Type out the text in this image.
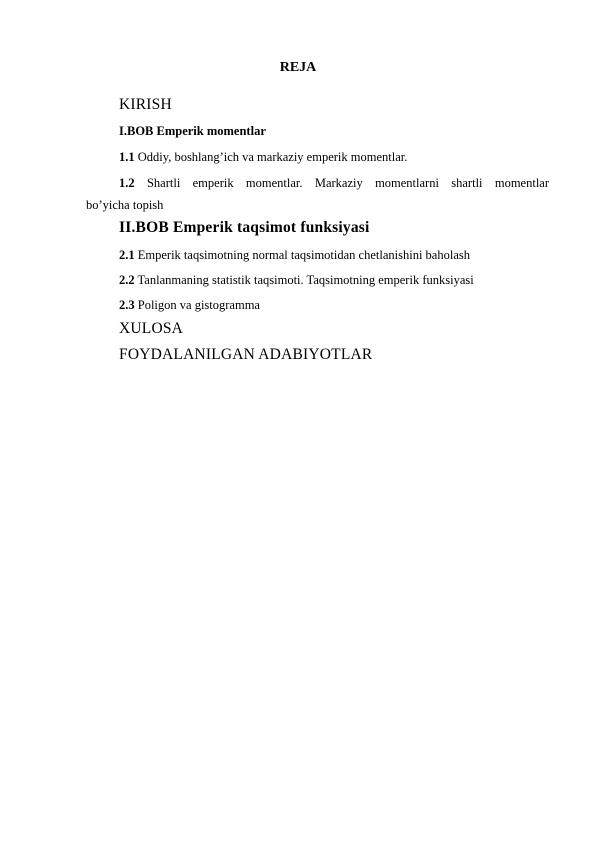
REJA
KIRISH
I.BOB Emperik momentlar
1.1 Oddiy, boshlang’ich va markaziy emperik momentlar.
1.2 Shartli emperik momentlar. Markaziy momentlarni shartli momentlar
bo’yicha topish
II.BOB Emperik taqsimot funksiyasi
2.1 Emperik taqsimotning normal taqsimotidan chetlanishini baholash
2.2 Tanlanmaning statistik taqsimoti. Taqsimotning emperik funksiyasi
2.3 Poligon va gistogramma
XULOSA
FOYDALANILGAN ADABIYOTLAR
